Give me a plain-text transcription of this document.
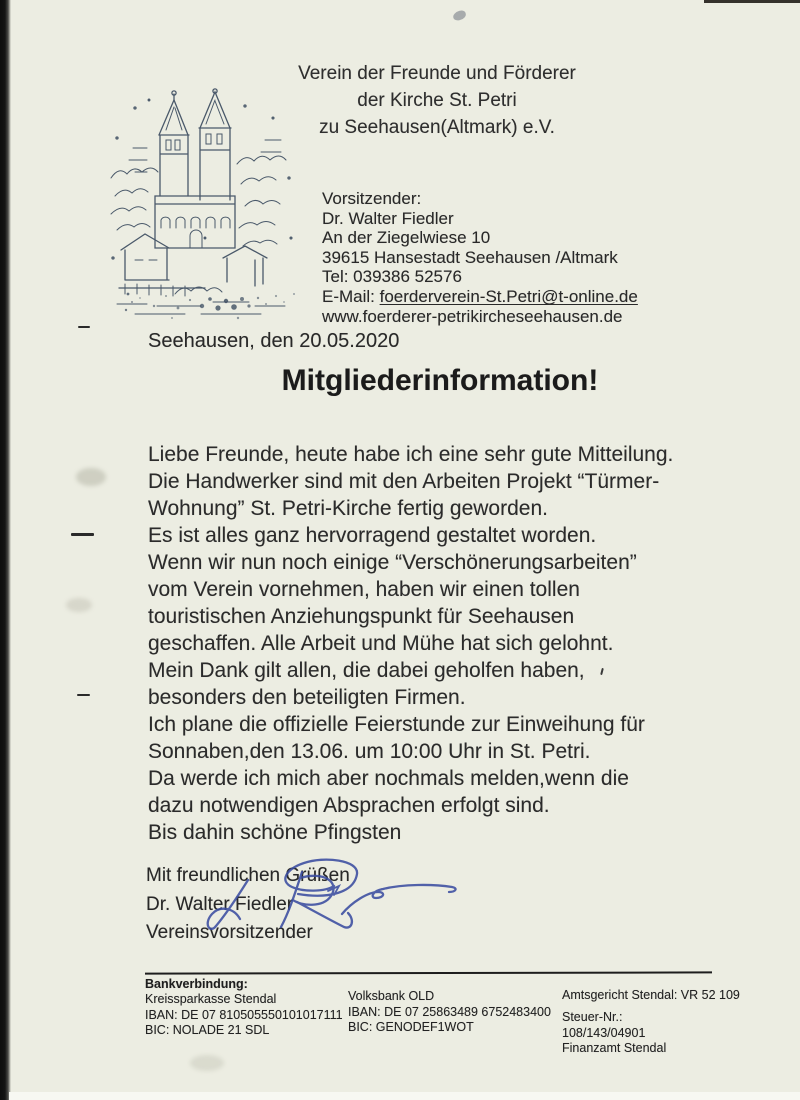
Verein der Freunde und Förderer
der Kirche St. Petri
zu Seehausen(Altmark) e.V.
Vorsitzender:
Dr. Walter Fiedler
An der Ziegelwiese 10
39615 Hansestadt Seehausen /Altmark
Tel: 039386 52576
E-Mail: foerderverein-St.Petri@t-online.de
www.foerderer-petrikircheseehausen.de
Seehausen, den 20.05.2020
Mitgliederinformation!
Liebe Freunde, heute habe ich eine sehr gute Mitteilung.
Die Handwerker sind mit den Arbeiten Projekt “Türmer-
Wohnung” St. Petri-Kirche fertig geworden.
Es ist alles ganz hervorragend gestaltet worden.
Wenn wir nun noch einige “Verschönerungsarbeiten”
vom Verein vornehmen, haben wir einen tollen
touristischen Anziehungspunkt für Seehausen
geschaffen. Alle Arbeit und Mühe hat sich gelohnt.
Mein Dank gilt allen, die dabei geholfen haben,
besonders den beteiligten Firmen.
Ich plane die offizielle Feierstunde zur Einweihung für
Sonnaben,den 13.06. um 10:00 Uhr in St. Petri.
Da werde ich mich aber nochmals melden,wenn die
dazu notwendigen Absprachen erfolgt sind.
Bis dahin schöne Pfingsten
Mit freundlichen Grüßen
Dr. Walter Fiedler
Vereinsvorsitzender
Bankverbindung:
Kreissparkasse Stendal
IBAN: DE 07 810505550101017111
BIC: NOLADE 21 SDL
Volksbank OLD
IBAN: DE 07 25863489 6752483400
BIC: GENODEF1WOT
Amtsgericht Stendal: VR 52 109
Steuer-Nr.:
108/143/04901
Finanzamt Stendal
